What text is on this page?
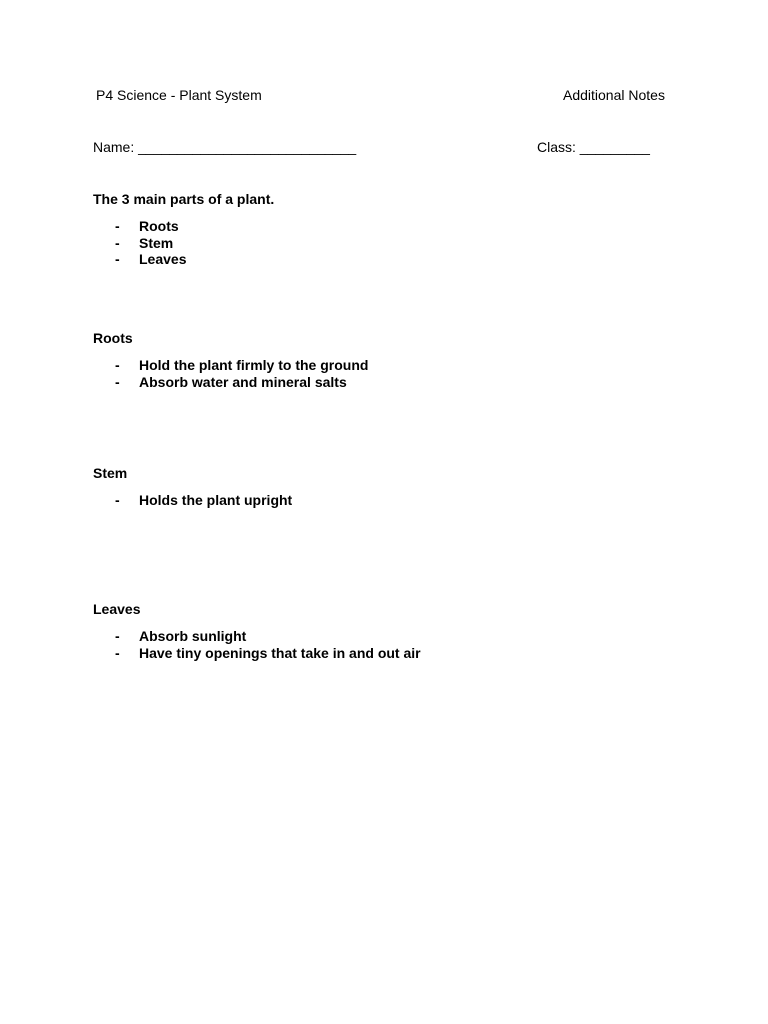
P4 Science - Plant System	Additional Notes
Name: ____________________________	Class: _________
The 3 main parts of a plant.
-	Roots
-	Stem
-	Leaves
Roots
-	Hold the plant firmly to the ground
-	Absorb water and mineral salts
Stem
-	Holds the plant upright
Leaves
-	Absorb sunlight
-	Have tiny openings that take in and out air
